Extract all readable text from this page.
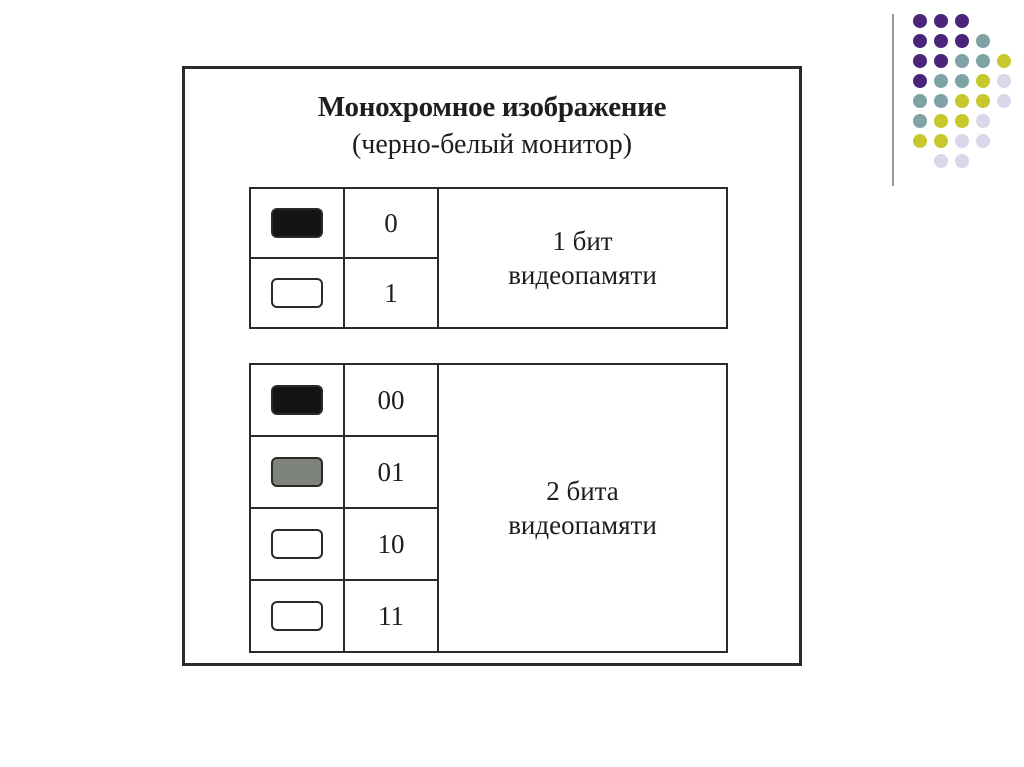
Монохромное изображение
(черно-белый монитор)
	0	1 бит
видеопамяти

	1	
	00	2 бита
видеопамяти

	01	
	10	
	11	
